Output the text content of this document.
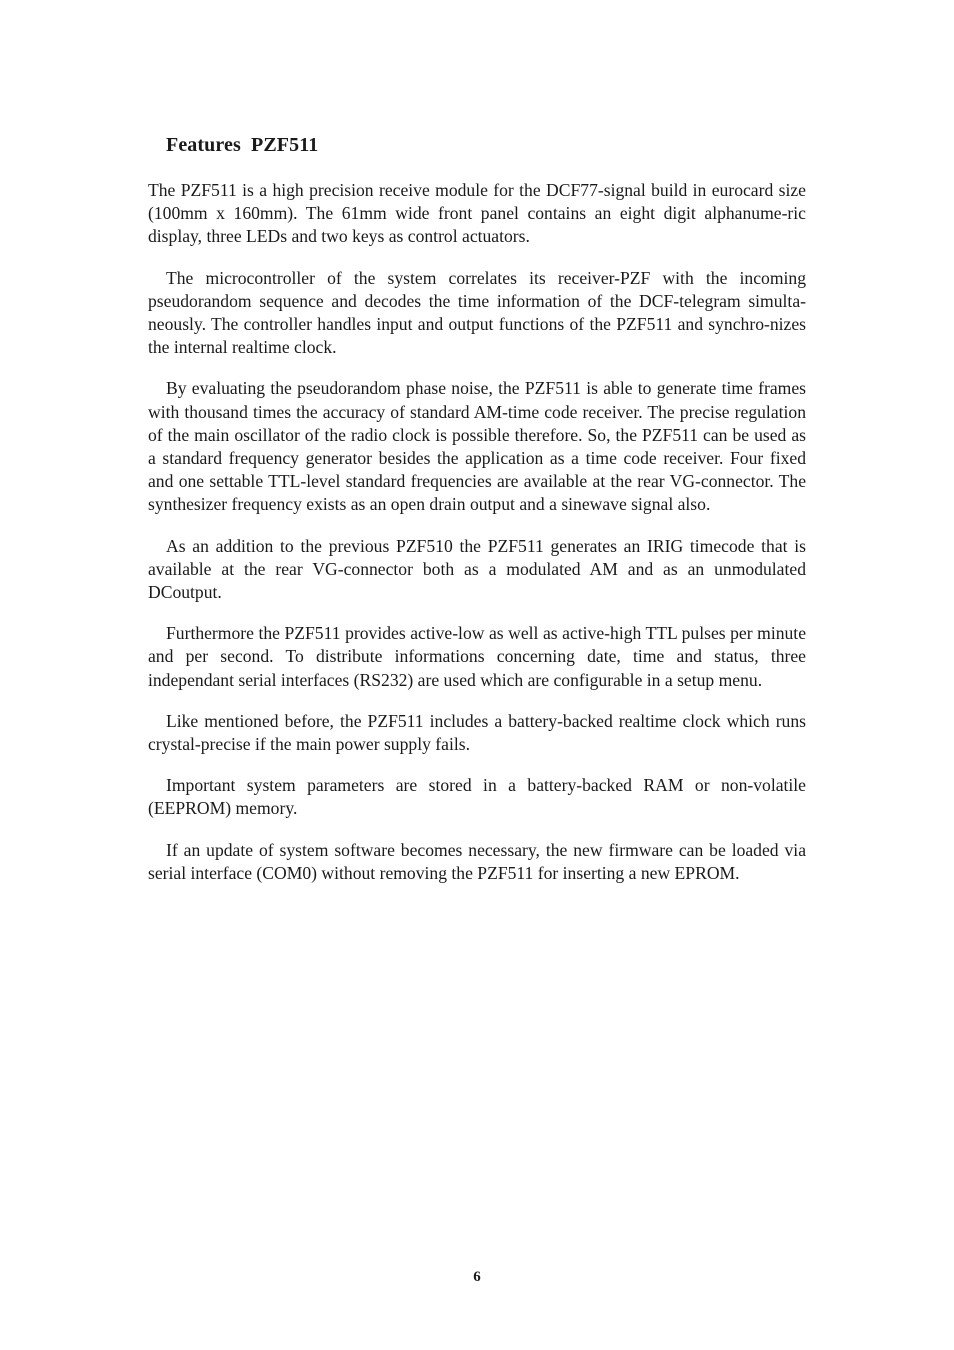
Features  PZF511

The PZF511 is a high precision receive module for the DCF77-signal build in eurocard size (100mm x 160mm). The 61mm wide front panel contains an eight digit alphanume-ric display, three LEDs and two keys as control actuators.

The microcontroller of the system correlates its receiver-PZF with the incoming pseudorandom sequence and decodes the time information of the DCF-telegram simulta-neously. The controller handles input and output functions of the PZF511 and synchro-nizes the internal realtime clock.

By evaluating the pseudorandom phase noise, the PZF511 is able to generate time frames with thousand times the accuracy of standard AM-time code receiver. The precise regulation of the main oscillator of the radio clock is possible therefore. So, the PZF511 can be used as a standard frequency generator besides the application as a time code receiver. Four fixed and one settable TTL-level standard frequencies are available at the rear VG-connector. The synthesizer frequency exists as an open drain output and a sinewave signal also.

As an addition to the previous PZF510 the PZF511 generates an IRIG timecode that is available at the rear VG-connector both as a modulated AM and as an unmodulated DCoutput.

Furthermore the PZF511 provides active-low as well as active-high TTL pulses per minute and per second. To distribute informations concerning date, time and status, three independant serial interfaces (RS232) are used which are configurable in a setup menu.

Like mentioned before, the PZF511 includes a battery-backed realtime clock which runs crystal-precise if the main power supply fails.

Important system parameters are stored in a battery-backed RAM or non-volatile (EEPROM) memory.

If an update of system software becomes necessary, the new firmware can be loaded via serial interface (COM0) without removing the PZF511 for inserting a new EPROM.

6
